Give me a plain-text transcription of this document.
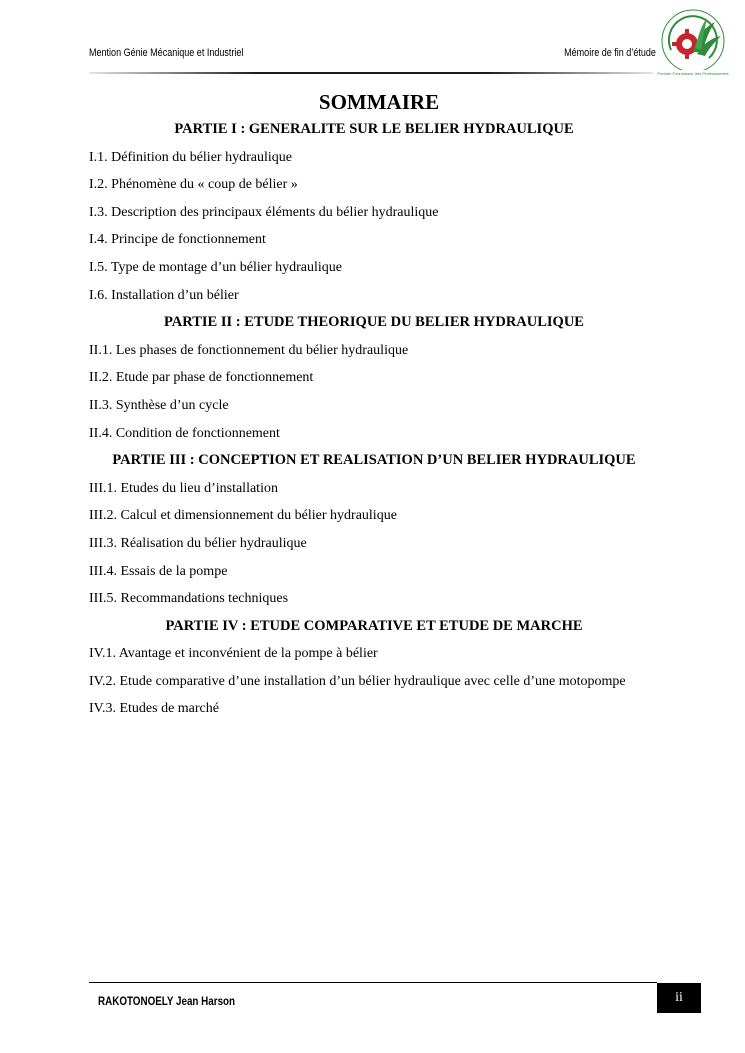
Mention Génie Mécanique et Industriel	Mémoire de fin d’étude
Premier Fournisseur des Professionnels
SOMMAIRE
PARTIE I : GENERALITE SUR LE BELIER HYDRAULIQUE
I.1. Définition du bélier hydraulique
I.2. Phénomène du « coup de bélier »
I.3. Description des principaux éléments du bélier hydraulique
I.4. Principe de fonctionnement
I.5. Type de montage d’un bélier hydraulique
I.6. Installation d’un bélier
PARTIE II : ETUDE THEORIQUE DU BELIER HYDRAULIQUE
II.1. Les phases de fonctionnement du bélier hydraulique
II.2. Etude par phase de fonctionnement
II.3. Synthèse d’un cycle
II.4. Condition de fonctionnement
PARTIE III : CONCEPTION ET REALISATION D’UN BELIER HYDRAULIQUE
III.1. Etudes du lieu d’installation
III.2. Calcul et dimensionnement du bélier hydraulique
III.3. Réalisation du bélier hydraulique
III.4. Essais de la pompe
III.5. Recommandations techniques
PARTIE IV : ETUDE COMPARATIVE ET ETUDE DE MARCHE
IV.1. Avantage et inconvénient de la pompe à bélier
IV.2. Etude comparative d’une installation d’un bélier hydraulique avec celle d’une motopompe
IV.3. Etudes de marché
RAKOTONOELY Jean Harson	ii
